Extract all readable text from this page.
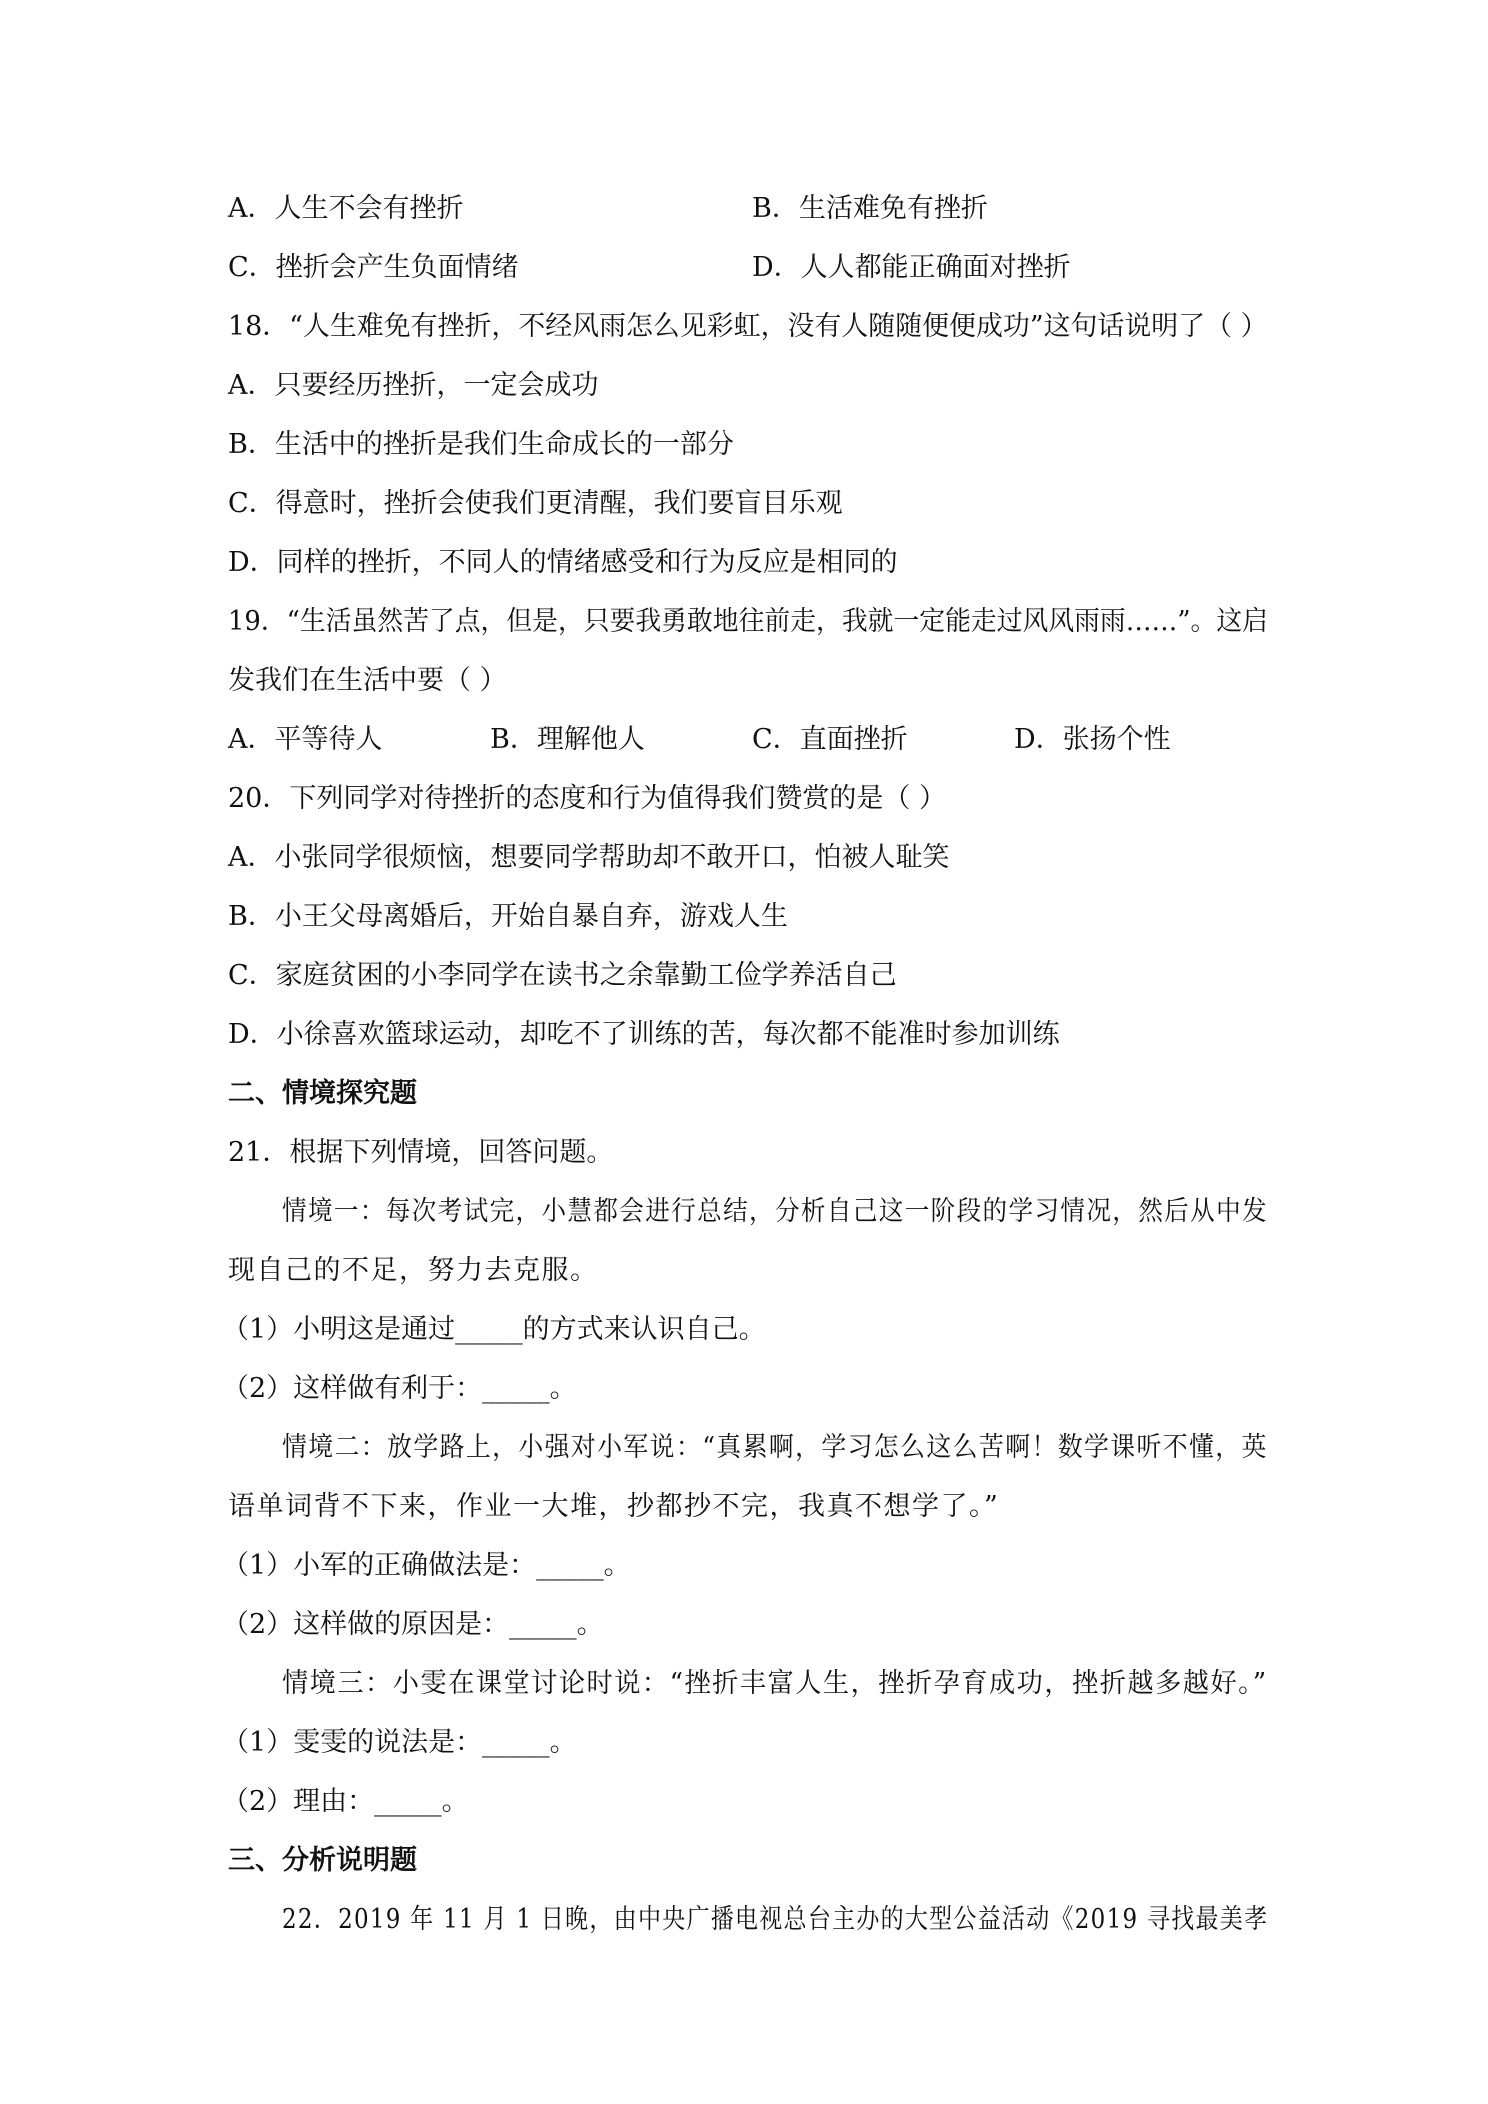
A．人生不会有挫折	B．生活难免有挫折
C．挫折会产生负面情绪	D．人人都能正确面对挫折
18．“人生难免有挫折，不经风雨怎么见彩虹，没有人随随便便成功”这句话说明了（ ）
A．只要经历挫折，一定会成功
B．生活中的挫折是我们生命成长的一部分
C．得意时，挫折会使我们更清醒，我们要盲目乐观
D．同样的挫折，不同人的情绪感受和行为反应是相同的
19．“生活虽然苦了点，但是，只要我勇敢地往前走，我就一定能走过风风雨雨……”。这启
发我们在生活中要（ ）
A．平等待人	B．理解他人	C．直面挫折	D．张扬个性
20．下列同学对待挫折的态度和行为值得我们赞赏的是（ ）
A．小张同学很烦恼，想要同学帮助却不敢开口，怕被人耻笑
B．小王父母离婚后，开始自暴自弃，游戏人生
C．家庭贫困的小李同学在读书之余靠勤工俭学养活自己
D．小徐喜欢篮球运动，却吃不了训练的苦，每次都不能准时参加训练
二、情境探究题
21．根据下列情境，回答问题。
情境一：每次考试完，小慧都会进行总结，分析自己这一阶段的学习情况，然后从中发
现自己的不足，努力去克服。
（1）小明这是通过_____的方式来认识自己。
（2）这样做有利于：_____。
情境二：放学路上，小强对小军说：“真累啊，学习怎么这么苦啊！数学课听不懂，英
语单词背不下来，作业一大堆，抄都抄不完，我真不想学了。”
（1）小军的正确做法是：_____。
（2）这样做的原因是：_____。
情境三：小雯在课堂讨论时说：“挫折丰富人生，挫折孕育成功，挫折越多越好。”
（1）雯雯的说法是：_____。
（2）理由：_____。
三、分析说明题
22．2019 年 11 月 1 日晚，由中央广播电视总台主办的大型公益活动《2019 寻找最美孝
